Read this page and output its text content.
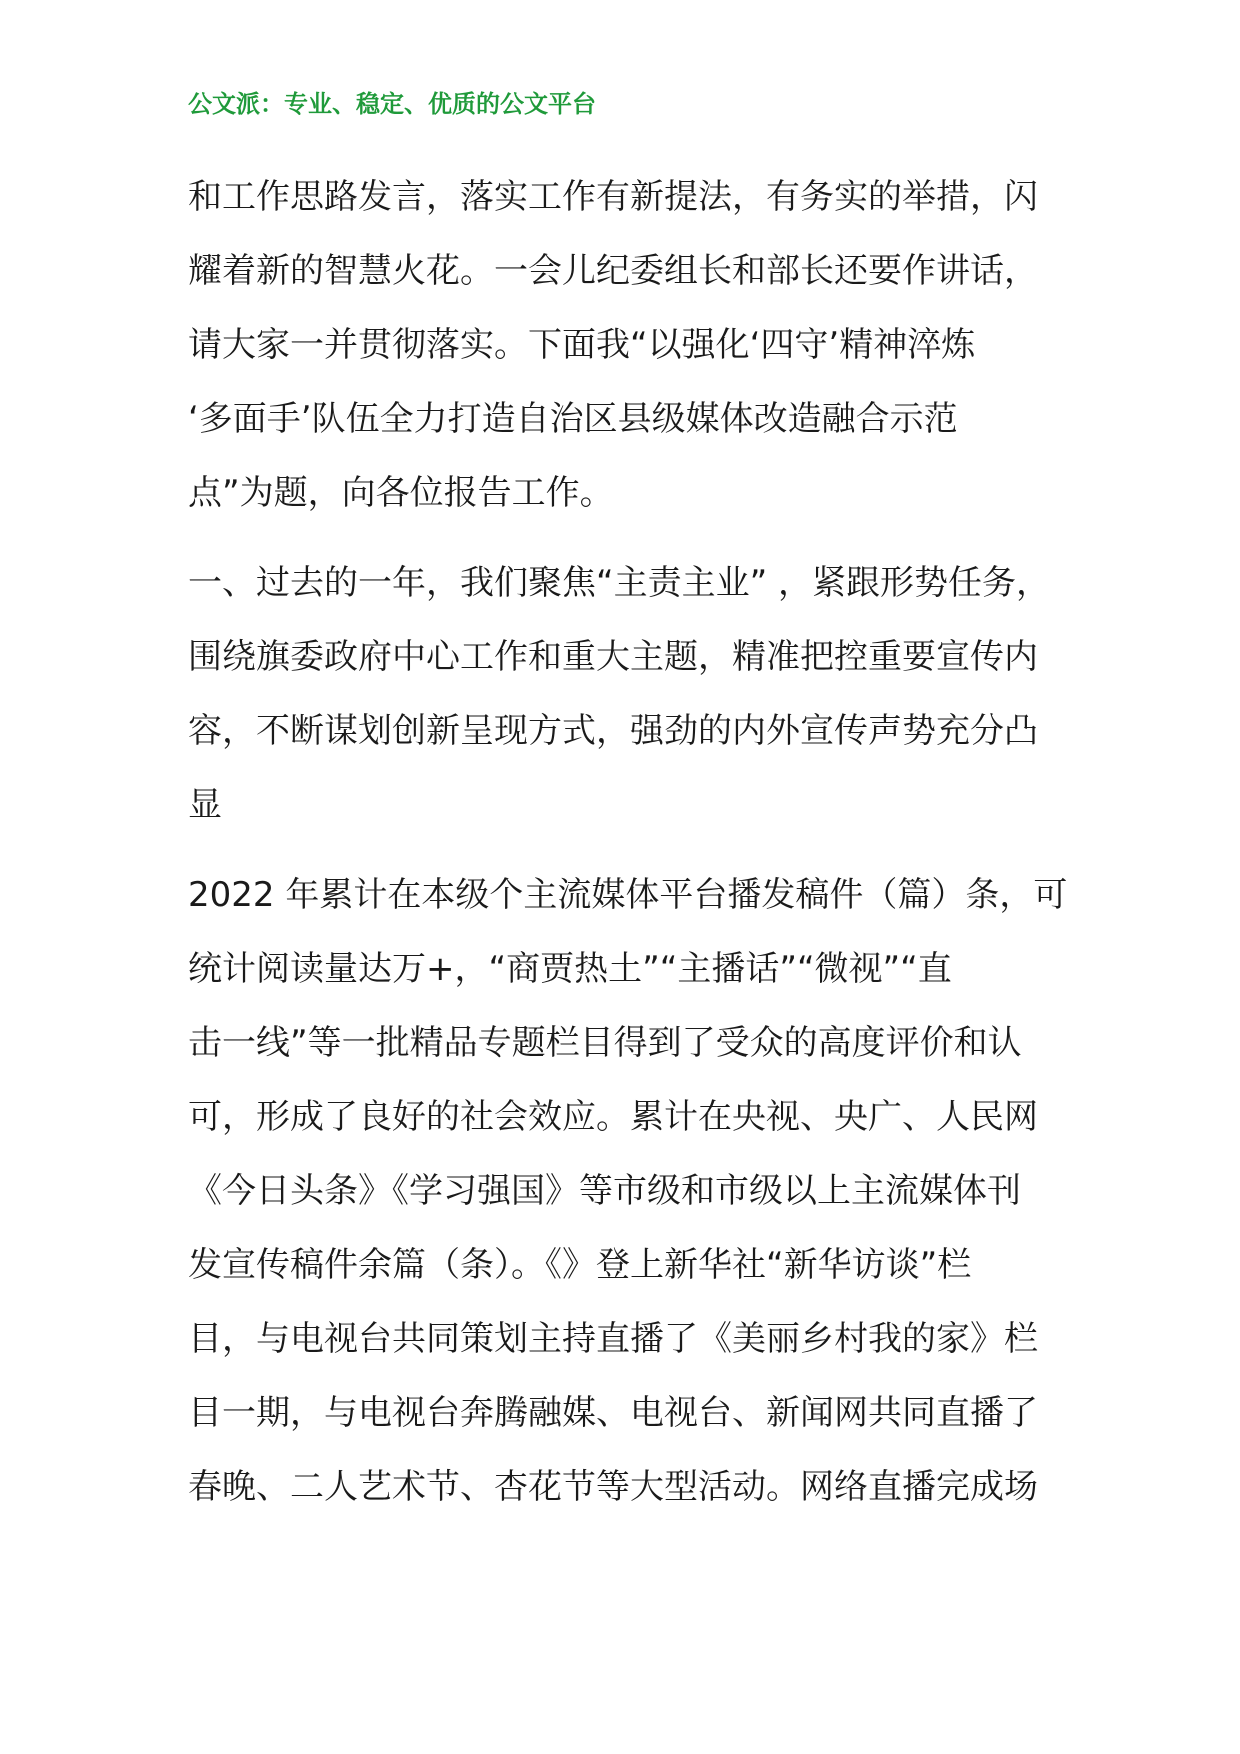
公文派：专业、稳定、优质的公文平台
和工作思路发言，落实工作有新提法，有务实的举措，闪
耀着新的智慧火花。一会儿纪委组长和部长还要作讲话，
请大家一并贯彻落实。下面我“以强化‘四守’精神淬炼
‘多面手’队伍全力打造自治区县级媒体改造融合示范
点”为题，向各位报告工作。
一、过去的一年，我们聚焦“主责主业” ，紧跟形势任务，
围绕旗委政府中心工作和重大主题，精准把控重要宣传内
容，不断谋划创新呈现方式，强劲的内外宣传声势充分凸
显
2022 年累计在本级个主流媒体平台播发稿件（篇）条，可
统计阅读量达万+，“商贾热土”“主播话”“微视”“直
击一线”等一批精品专题栏目得到了受众的高度评价和认
可，形成了良好的社会效应。累计在央视、央广、人民网
《今日头条》《学习强国》等市级和市级以上主流媒体刊
发宣传稿件余篇（条）。《》登上新华社“新华访谈”栏
目，与电视台共同策划主持直播了《美丽乡村我的家》栏
目一期，与电视台奔腾融媒、电视台、新闻网共同直播了
春晚、二人艺术节、杏花节等大型活动。网络直播完成场
